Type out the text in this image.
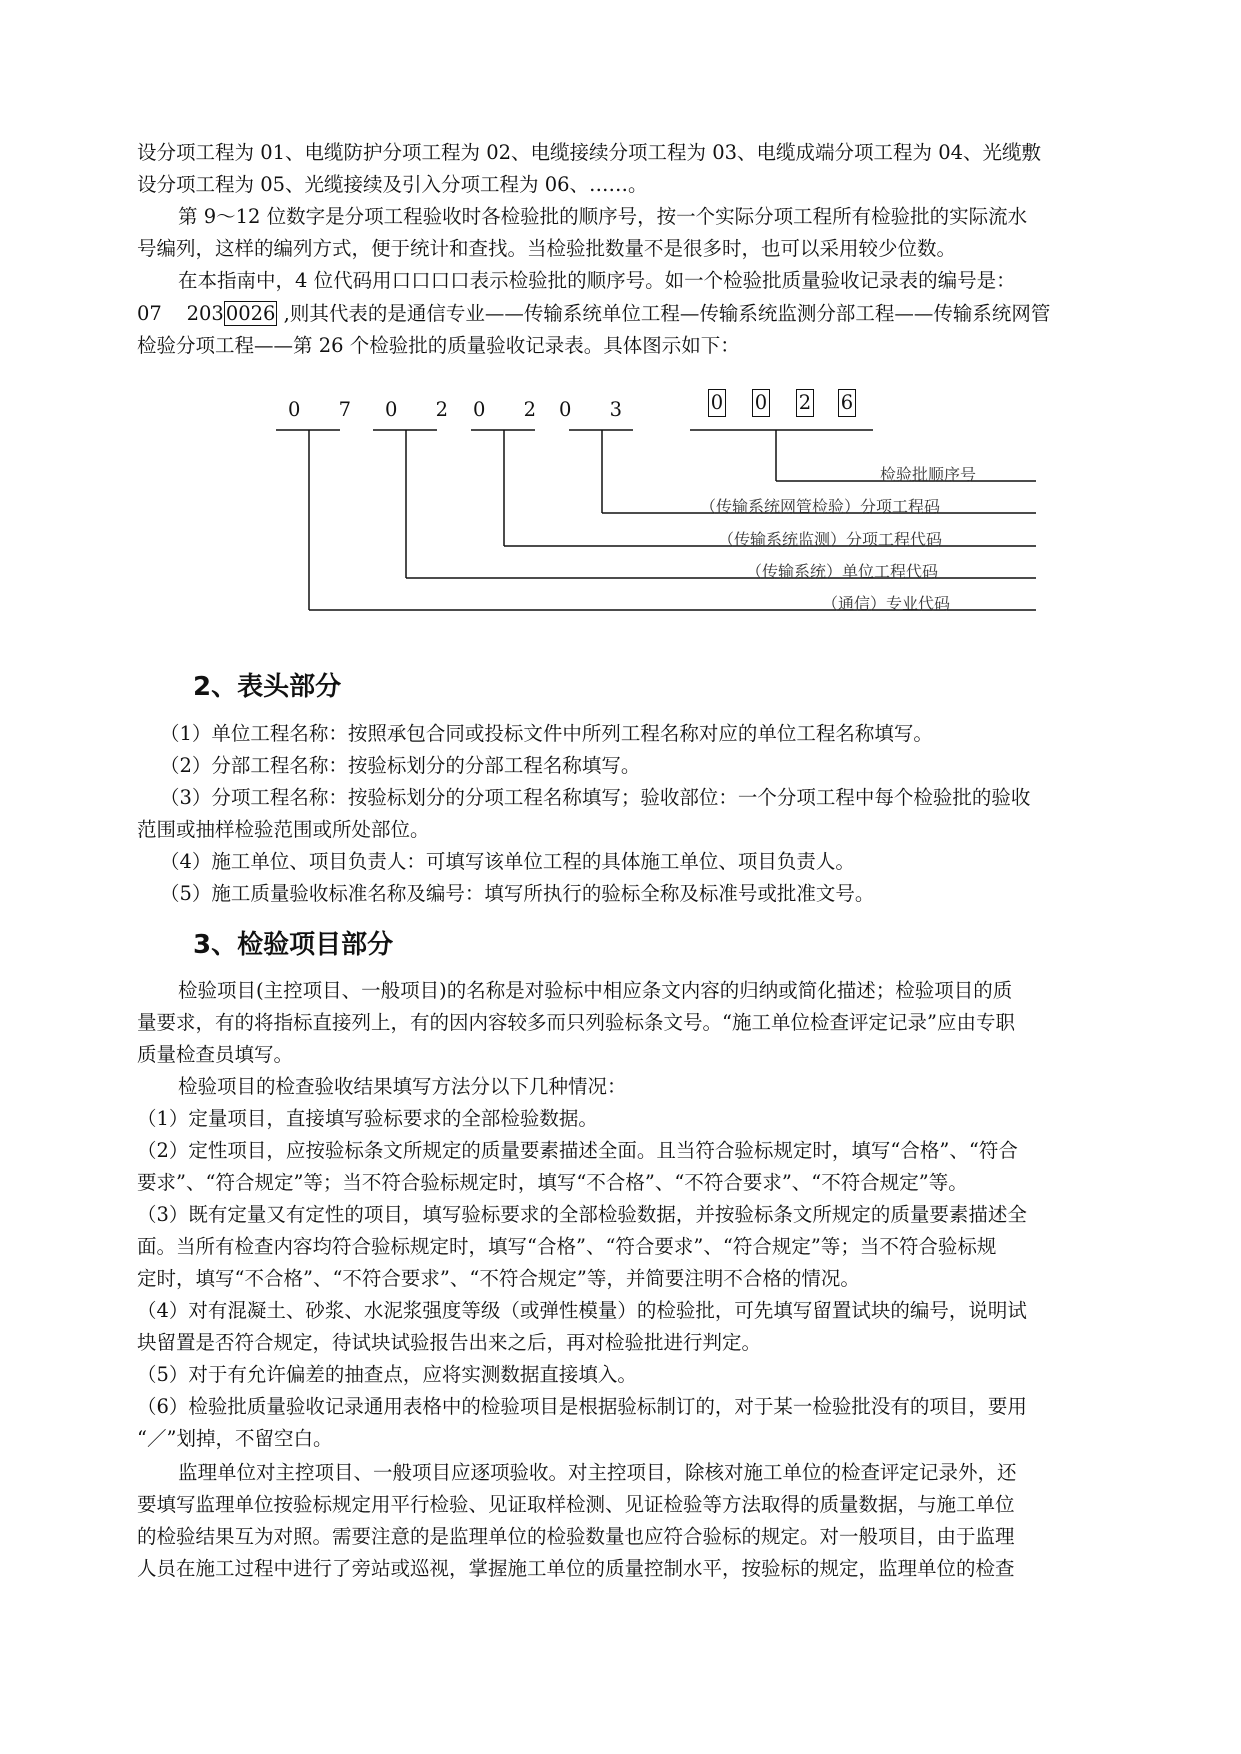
设分项工程为 01、电缆防护分项工程为 02、电缆接续分项工程为 03、电缆成端分项工程为 04、光缆敷
设分项工程为 05、光缆接续及引入分项工程为 06、……。
第 9～12 位数字是分项工程验收时各检验批的顺序号，按一个实际分项工程所有检验批的实际流水
号编列，这样的编列方式，便于统计和查找。当检验批数量不是很多时，也可以采用较少位数。
在本指南中，4 位代码用口口口口表示检验批的顺序号。如一个检验批质量验收记录表的编号是：
07    203 0026 ,则其代表的是通信专业——传输系统单位工程—传输系统监测分部工程——传输系统网管
检验分项工程——第 26 个检验批的质量验收记录表。具体图示如下：
0 7 0 2 0 2 0 3	0 0 2 6
检验批顺序号
（传输系统网管检验）分项工程码
（传输系统监测）分项工程代码
（传输系统）单位工程代码
（通信）专业代码
2、表头部分
（1）单位工程名称：按照承包合同或投标文件中所列工程名称对应的单位工程名称填写。
（2）分部工程名称：按验标划分的分部工程名称填写。
（3）分项工程名称：按验标划分的分项工程名称填写；验收部位：一个分项工程中每个检验批的验收
范围或抽样检验范围或所处部位。
（4）施工单位、项目负责人：可填写该单位工程的具体施工单位、项目负责人。
（5）施工质量验收标准名称及编号：填写所执行的验标全称及标准号或批准文号。
3、检验项目部分
检验项目(主控项目、一般项目)的名称是对验标中相应条文内容的归纳或简化描述；检验项目的质
量要求，有的将指标直接列上，有的因内容较多而只列验标条文号。“施工单位检查评定记录”应由专职
质量检查员填写。
检验项目的检查验收结果填写方法分以下几种情况：
（1）定量项目，直接填写验标要求的全部检验数据。
（2）定性项目，应按验标条文所规定的质量要素描述全面。且当符合验标规定时，填写“合格”、“符合
要求”、“符合规定”等；当不符合验标规定时，填写“不合格”、“不符合要求”、“不符合规定”等。
（3）既有定量又有定性的项目，填写验标要求的全部检验数据，并按验标条文所规定的质量要素描述全
面。当所有检查内容均符合验标规定时，填写“合格”、“符合要求”、“符合规定”等；当不符合验标规
定时，填写“不合格”、“不符合要求”、“不符合规定”等，并简要注明不合格的情况。
（4）对有混凝土、砂浆、水泥浆强度等级（或弹性模量）的检验批，可先填写留置试块的编号，说明试
块留置是否符合规定，待试块试验报告出来之后，再对检验批进行判定。
（5）对于有允许偏差的抽查点，应将实测数据直接填入。
（6）检验批质量验收记录通用表格中的检验项目是根据验标制订的，对于某一检验批没有的项目，要用
“／”划掉，不留空白。
监理单位对主控项目、一般项目应逐项验收。对主控项目，除核对施工单位的检查评定记录外，还
要填写监理单位按验标规定用平行检验、见证取样检测、见证检验等方法取得的质量数据，与施工单位
的检验结果互为对照。需要注意的是监理单位的检验数量也应符合验标的规定。对一般项目，由于监理
人员在施工过程中进行了旁站或巡视，掌握施工单位的质量控制水平，按验标的规定，监理单位的检查
